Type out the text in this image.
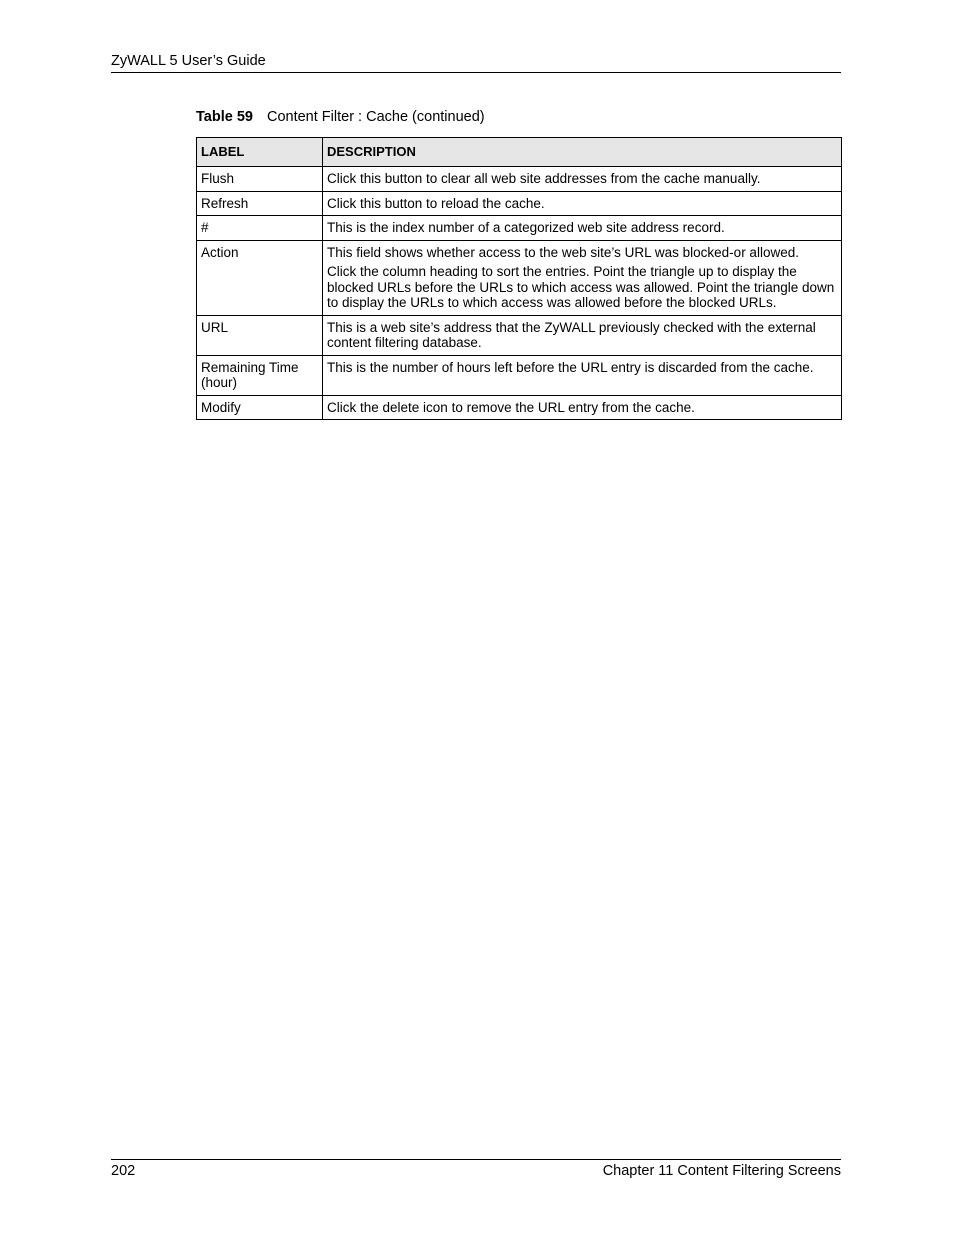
ZyWALL 5 User’s Guide
Table 59 Content Filter : Cache (continued)
LABEL	DESCRIPTION
Flush	Click this button to clear all web site addresses from the cache manually.

Refresh	Click this button to reload the cache.

#	This is the index number of a categorized web site address record.

Action	This field shows whether access to the web site’s URL was blocked-or allowed.
Click the column heading to sort the entries. Point the triangle up to display the blocked URLs before the URLs to which access was allowed. Point the triangle down to display the URLs to which access was allowed before the blocked URLs.

URL	This is a web site’s address that the ZyWALL previously checked with the external content filtering database.

Remaining Time (hour)	This is the number of hours left before the URL entry is discarded from the cache.

Modify	Click the delete icon to remove the URL entry from the cache.
202	Chapter 11 Content Filtering Screens
